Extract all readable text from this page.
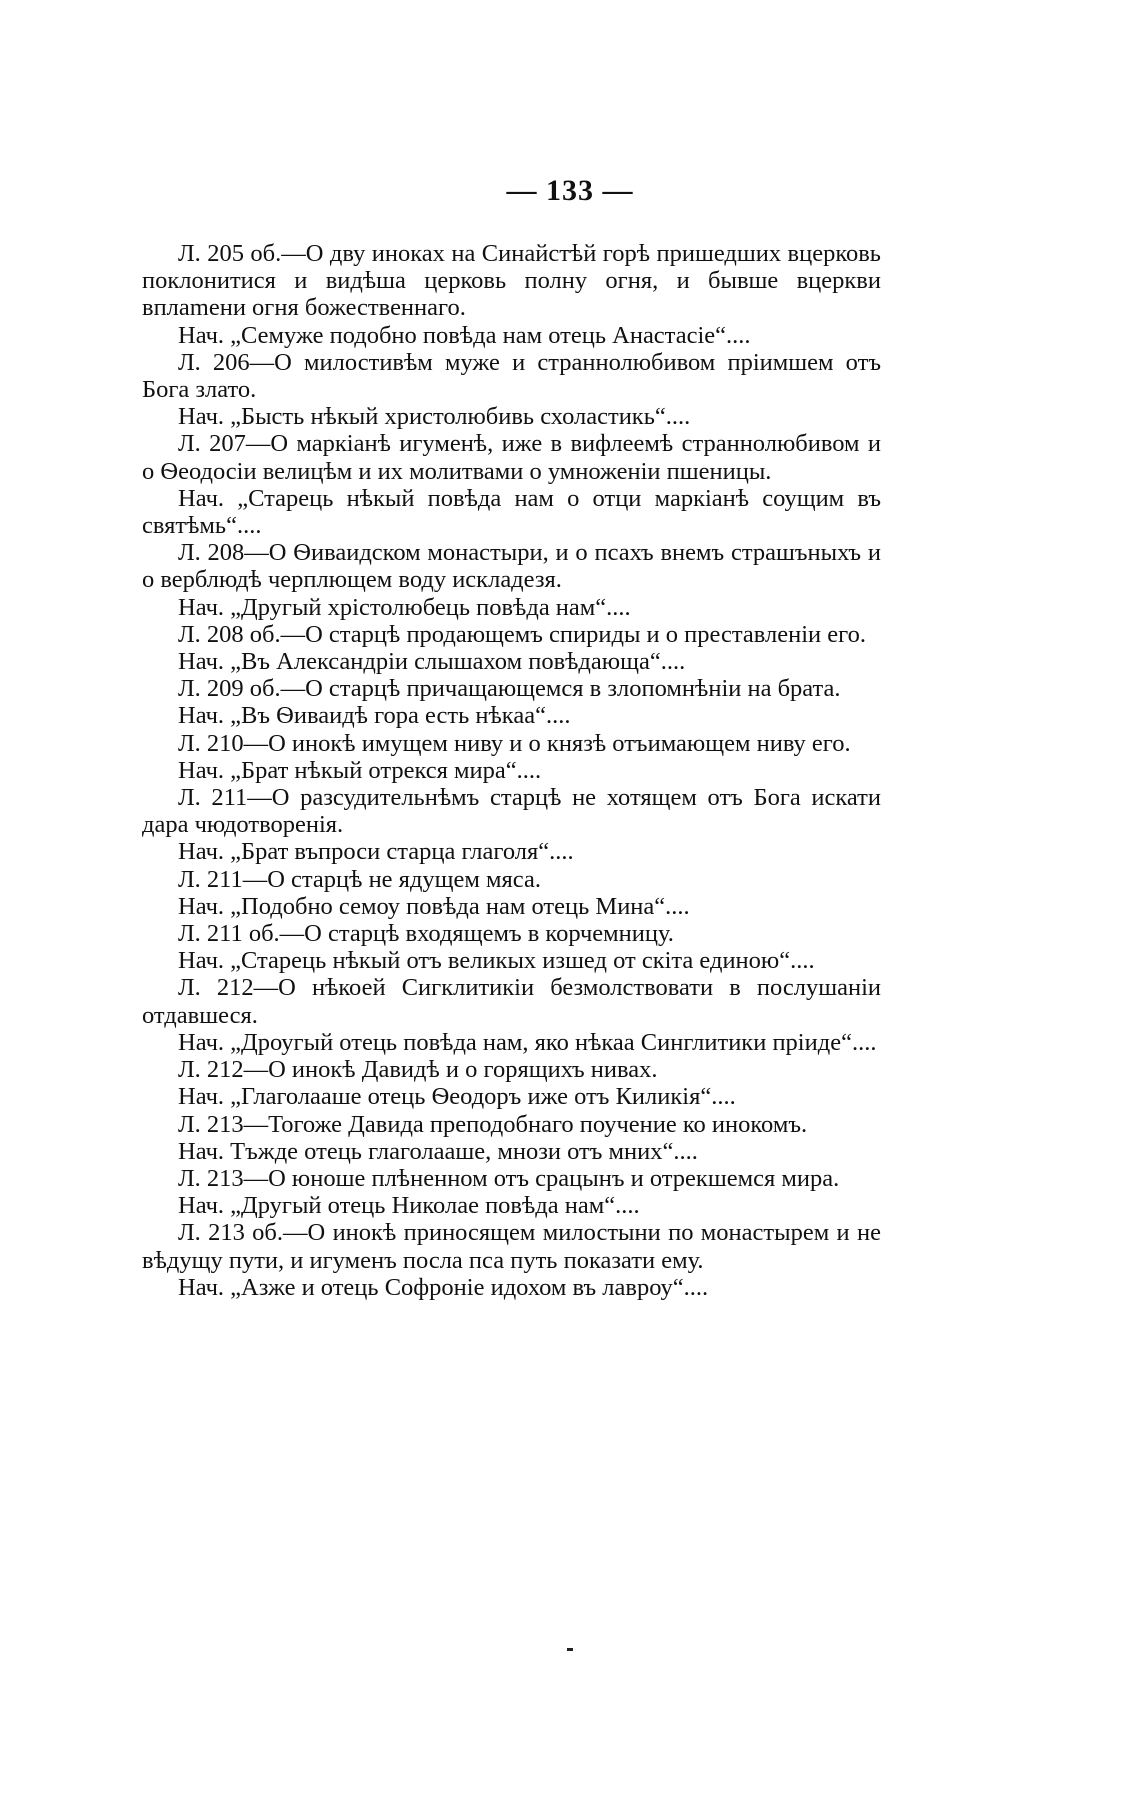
— 133 —

Л. 205 об.—О дву иноках на Синайстѣй горѣ пришедших вцерковь поклонитися и видѣша церковь полну огня, и бывше вцеркви вплamени огня божественнаго.

Нач. „Семуже подобно повѣда нам отець Анастасіе“....

Л. 206—О милостивѣм муже и страннолюбивом пріимшем отъ Бога злато.

Нач. „Бысть нѣкый христолюбивь схоластикь“....

Л. 207—О маркіанѣ игуменѣ, иже в вифлеемѣ страннолюбивом и о Ѳеодосіи велицѣм и их молитвами о умноженіи пшеницы.

Нач. „Старець нѣкый повѣда нам о отци маркіанѣ соущим въ святѣмь“....

Л. 208—О Ѳиваидском монастыри, и о псахъ внемъ страшъныхъ и о верблюдѣ черплющем воду искладезя.

Нач. „Другый хрістолюбець повѣда нам“....

Л. 208 об.—О старцѣ продающемъ спириды и о преставленіи его.

Нач. „Въ Александріи слышахом повѣдающа“....

Л. 209 об.—О старцѣ причащающемся в злопомнѣніи на брата.

Нач. „Въ Ѳиваидѣ гора есть нѣкаа“....

Л. 210—О инокѣ имущем ниву и о князѣ отъимающем ниву его.

Нач. „Брат нѣкый отрекся мира“....

Л. 211—О разсудительнѣмъ старцѣ не хотящем отъ Бога искати дара чюдотворенія.

Нач. „Брат въпроси старца глаголя“....

Л. 211—О старцѣ не ядущем мяса.

Нач. „Подобно семоу повѣда нам отець Мина“....

Л. 211 об.—О старцѣ входящемъ в корчемницу.

Нач. „Старець нѣкый отъ великых изшед от скіта единою“....

Л. 212—О нѣкоей Сигклитикіи безмолствовати в послушаніи отдавшеся.

Нач. „Дроугый отець повѣда нам, яко нѣкаа Синглитики пріиде“....

Л. 212—О инокѣ Давидѣ и о горящихъ нивах.

Нач. „Глаголааше отець Ѳеодоръ иже отъ Киликія“....

Л. 213—Тогоже Давида преподобнаго поучение ко инокомъ.

Нач. Тъжде отець глаголааше, мнози отъ мних“....

Л. 213—О юноше плѣненном отъ срацынъ и отрекшемся мира.

Нач. „Другый отець Николае повѣда нам“....

Л. 213 об.—О инокѣ приносящем милостыни по монастырем и не вѣдущу пути, и игуменъ посла пса путь показати ему.

Нач. „Азже и отець Софроніе идохом въ лавроу“....
